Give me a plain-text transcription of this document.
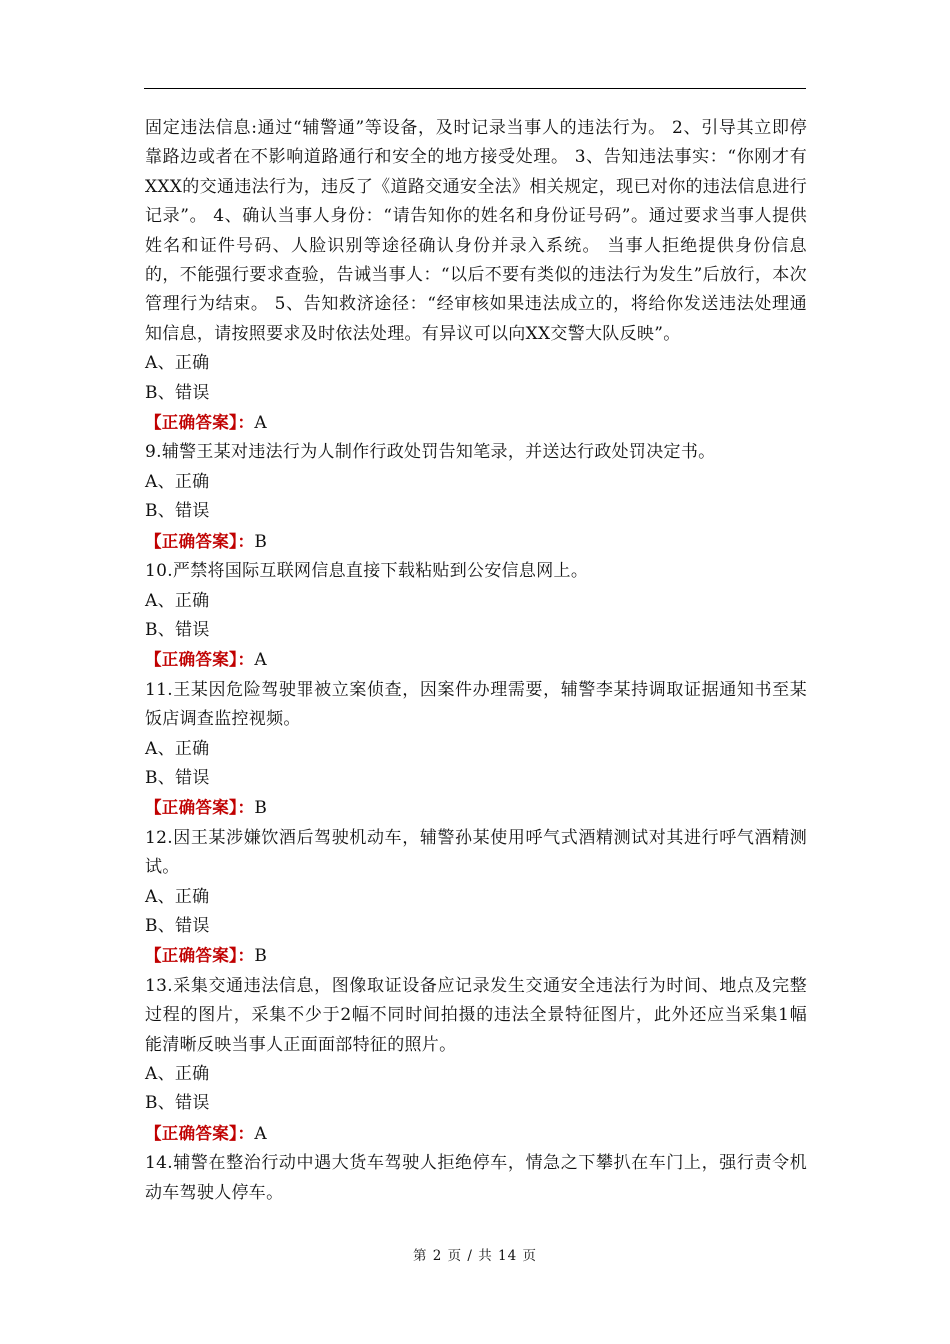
固定违法信息:通过“辅警通”等设备，及时记录当事人的违法行为。 2、引导其立即停靠路边或者在不影响道路通行和安全的地方接受处理。 3、告知违法事实：“你刚才有XXX的交通违法行为，违反了《道路交通安全法》相关规定，现已对你的违法信息进行记录”。 4、确认当事人身份：“请告知你的姓名和身份证号码”。通过要求当事人提供姓名和证件号码、人脸识别等途径确认身份并录入系统。 当事人拒绝提供身份信息的，不能强行要求查验，告诫当事人：“以后不要有类似的违法行为发生”后放行，本次管理行为结束。 5、告知救济途径：“经审核如果违法成立的，将给你发送违法处理通知信息，请按照要求及时依法处理。有异议可以向XX交警大队反映”。

A、正确

B、错误

【正确答案】：A

9.辅警王某对违法行为人制作行政处罚告知笔录，并送达行政处罚决定书。

A、正确

B、错误

【正确答案】：B

10.严禁将国际互联网信息直接下载粘贴到公安信息网上。

A、正确

B、错误

【正确答案】：A

11.王某因危险驾驶罪被立案侦查，因案件办理需要，辅警李某持调取证据通知书至某饭店调查监控视频。

A、正确

B、错误

【正确答案】：B

12.因王某涉嫌饮酒后驾驶机动车，辅警孙某使用呼气式酒精测试对其进行呼气酒精测试。

A、正确

B、错误

【正确答案】：B

13.采集交通违法信息，图像取证设备应记录发生交通安全违法行为时间、地点及完整过程的图片，采集不少于2幅不同时间拍摄的违法全景特征图片，此外还应当采集1幅能清晰反映当事人正面面部特征的照片。

A、正确

B、错误

【正确答案】：A

14.辅警在整治行动中遇大货车驾驶人拒绝停车，情急之下攀扒在车门上，强行责令机动车驾驶人停车。

第 2 页 / 共 14 页
